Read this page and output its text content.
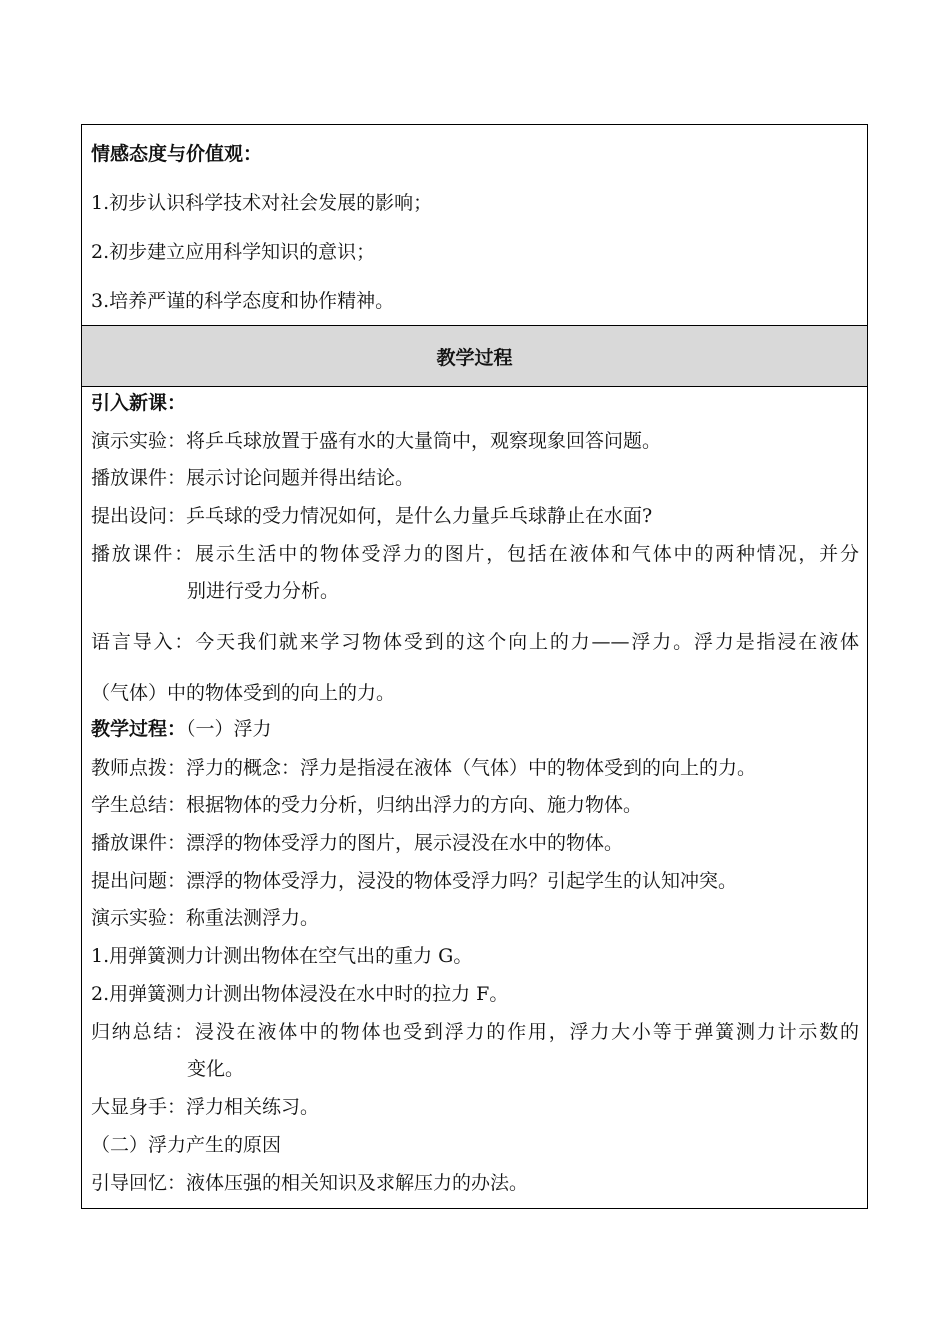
情感态度与价值观：
1.初步认识科学技术对社会发展的影响；
2.初步建立应用科学知识的意识；
3.培养严谨的科学态度和协作精神。
教学过程
引入新课：
演示实验：将乒乓球放置于盛有水的大量筒中，观察现象回答问题。
播放课件：展示讨论问题并得出结论。
提出设问：乒乓球的受力情况如何，是什么力量乒乓球静止在水面?
播放课件：展示生活中的物体受浮力的图片，包括在液体和气体中的两种情况，并分
别进行受力分析。
语言导入：今天我们就来学习物体受到的这个向上的力——浮力。浮力是指浸在液体
（气体）中的物体受到的向上的力。
教学过程：（一）浮力
教师点拨：浮力的概念：浮力是指浸在液体（气体）中的物体受到的向上的力。
学生总结：根据物体的受力分析，归纳出浮力的方向、施力物体。
播放课件：漂浮的物体受浮力的图片，展示浸没在水中的物体。
提出问题：漂浮的物体受浮力，浸没的物体受浮力吗？引起学生的认知冲突。
演示实验：称重法测浮力。
1.用弹簧测力计测出物体在空气出的重力 G。
2.用弹簧测力计测出物体浸没在水中时的拉力 F。
归纳总结：浸没在液体中的物体也受到浮力的作用，浮力大小等于弹簧测力计示数的
变化。
大显身手：浮力相关练习。
（二）浮力产生的原因
引导回忆：液体压强的相关知识及求解压力的办法。
